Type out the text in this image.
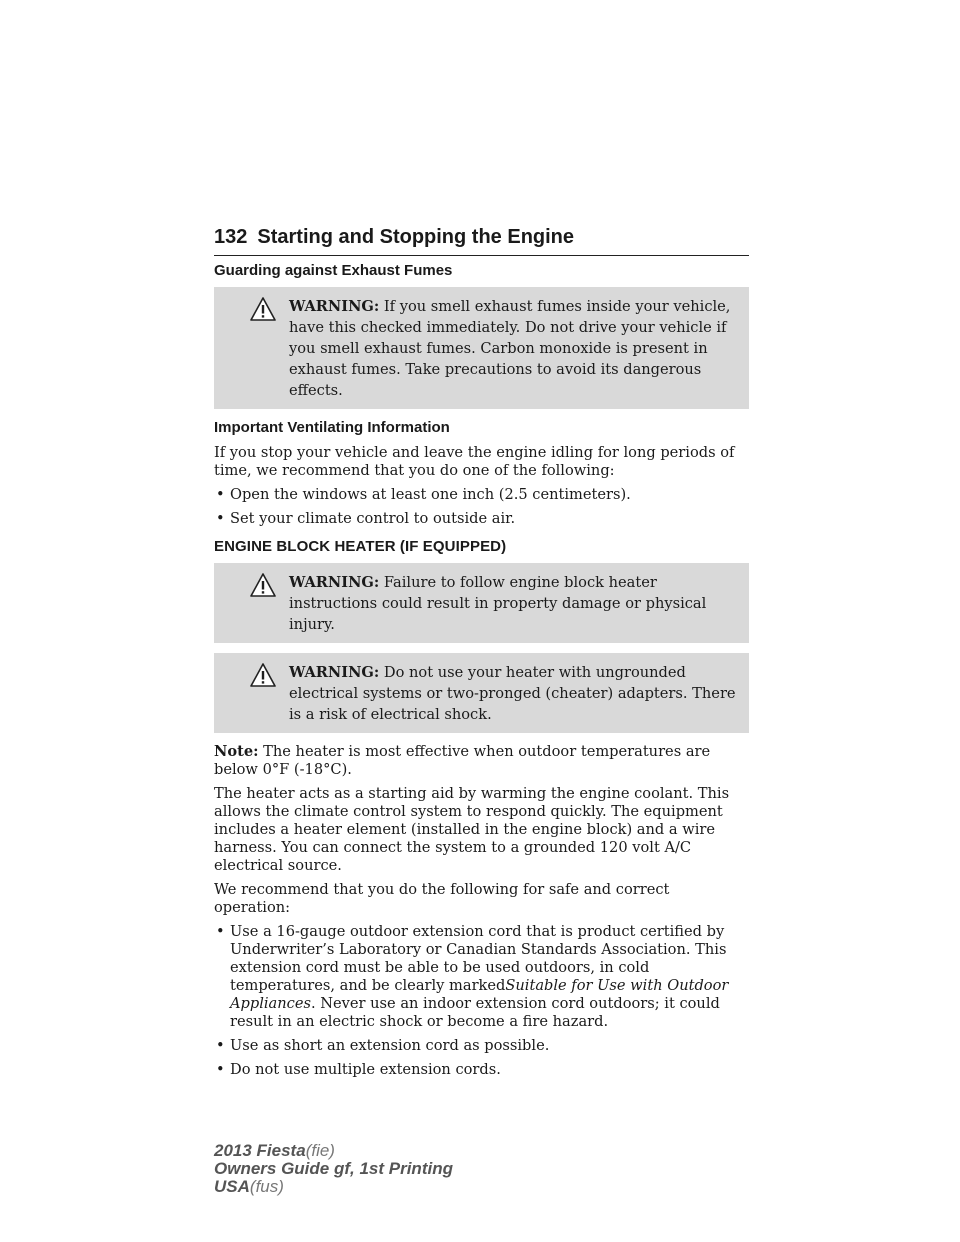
132 Starting and Stopping the Engine
Guarding against Exhaust Fumes
WARNING: If you smell exhaust fumes inside your vehicle, have this checked immediately. Do not drive your vehicle if you smell exhaust fumes. Carbon monoxide is present in exhaust fumes. Take precautions to avoid its dangerous effects.
Important Ventilating Information

If you stop your vehicle and leave the engine idling for long periods of time, we recommend that you do one of the following:

• Open the windows at least one inch (2.5 centimeters).
• Set your climate control to outside air.
ENGINE BLOCK HEATER (IF EQUIPPED)
WARNING: Failure to follow engine block heater instructions could result in property damage or physical injury.
WARNING: Do not use your heater with ungrounded electrical systems or two-pronged (cheater) adapters. There is a risk of electrical shock.

Note: The heater is most effective when outdoor temperatures are below 0°F (-18°C).

The heater acts as a starting aid by warming the engine coolant. This allows the climate control system to respond quickly. The equipment includes a heater element (installed in the engine block) and a wire harness. You can connect the system to a grounded 120 volt A/C electrical source.

We recommend that you do the following for safe and correct operation:

• Use a 16-gauge outdoor extension cord that is product certified by Underwriter’s Laboratory or Canadian Standards Association. This extension cord must be able to be used outdoors, in cold temperatures, and be clearly markedSuitable for Use with Outdoor Appliances. Never use an indoor extension cord outdoors; it could result in an electric shock or become a fire hazard.
• Use as short an extension cord as possible.
• Do not use multiple extension cords.
2013 Fiesta(fie)
Owners Guide gf, 1st Printing
USA(fus)
